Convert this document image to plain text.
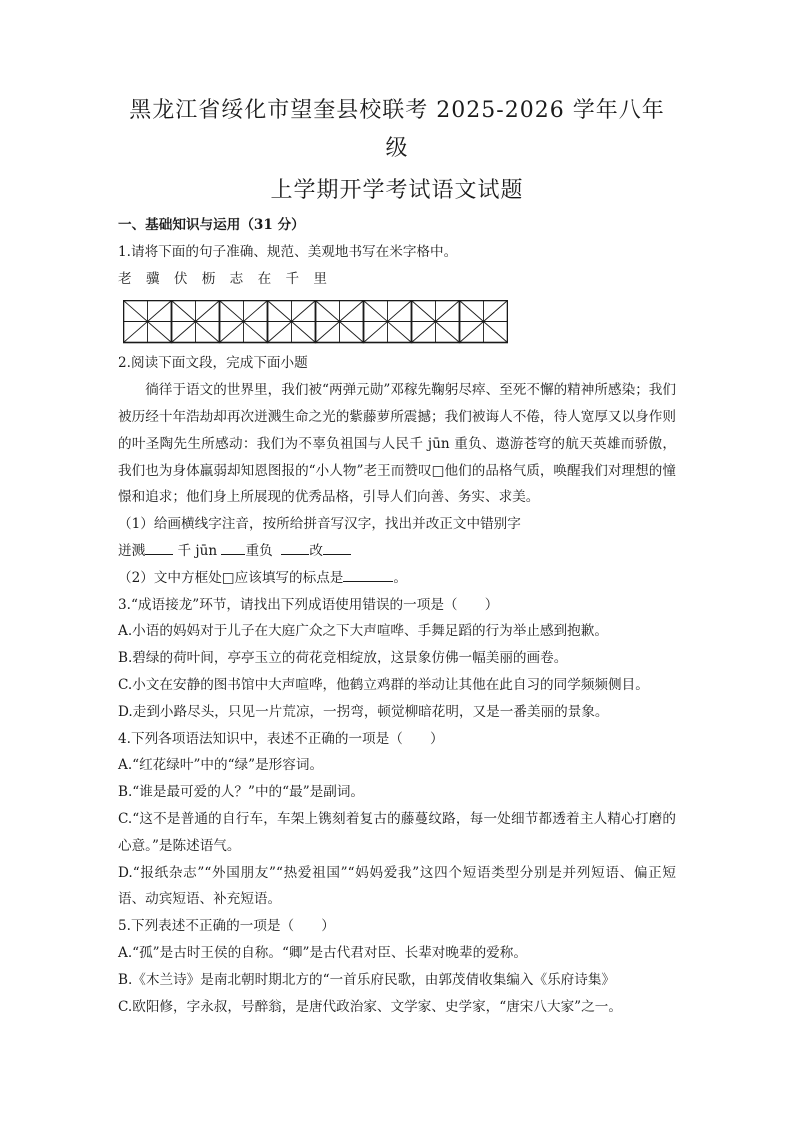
黑龙江省绥化市望奎县校联考 2025-2026 学年八年级
上学期开学考试语文试题
一、基础知识与运用（31 分）
1.请将下面的句子准确、规范、美观地书写在米字格中。
老 骥 伏 枥 志 在 千 里
2.阅读下面文段，完成下面小题

徜徉于语文的世界里，我们被“两弹元勋”邓稼先鞠躬尽瘁、至死不懈的精神所感染；我们被历经十年浩劫却再次迸溅生命之光的紫藤萝所震撼；我们被诲人不倦，待人宽厚又以身作则的叶圣陶先生所感动：我们为不辜负祖国与人民千 jūn 重负、遨游苍穹的航天英雄而骄傲，我们也为身体羸弱却知恩图报的“小人物”老王而赞叹□他们的品格气质，唤醒我们对理想的憧憬和追求；他们身上所展现的优秀品格，引导人们向善、务实、求美。

（1）给画横线字注音，按所给拼音写汉字，找出并改正文中错别字
迸溅 千 jūn 重负	改
（2）文中方框处□应该填写的标点是	。
3.“成语接龙”环节，请找出下列成语使用错误的一项是（　　）
A.小语的妈妈对于儿子在大庭广众之下大声喧哗、手舞足蹈的行为举止感到抱歉。
B.碧绿的荷叶间，亭亭玉立的荷花竞相绽放，这景象仿佛一幅美丽的画卷。
C.小文在安静的图书馆中大声喧哗，他鹤立鸡群的举动让其他在此自习的同学频频侧目。
D.走到小路尽头，只见一片荒凉，一拐弯，顿觉柳暗花明，又是一番美丽的景象。
4.下列各项语法知识中，表述不正确的一项是（　　）
A.“红花绿叶”中的“绿”是形容词。
B.“谁是最可爱的人？”中的“最”是副词。

C.“这不是普通的自行车，车架上镌刻着复古的藤蔓纹路，每一处细节都透着主人精心打磨的心意。”是陈述语气。

D.“报纸杂志”“外国朋友”“热爱祖国”“妈妈爱我”这四个短语类型分别是并列短语、偏正短语、动宾短语、补充短语。

5.下列表述不正确的一项是（　　）
A.“孤”是古时王侯的自称。“卿”是古代君对臣、长辈对晚辈的爱称。
B.《木兰诗》是南北朝时期北方的“一首乐府民歌，由郭茂倩收集编入《乐府诗集》
C.欧阳修，字永叔，号醉翁，是唐代政治家、文学家、史学家，“唐宋八大家”之一。
